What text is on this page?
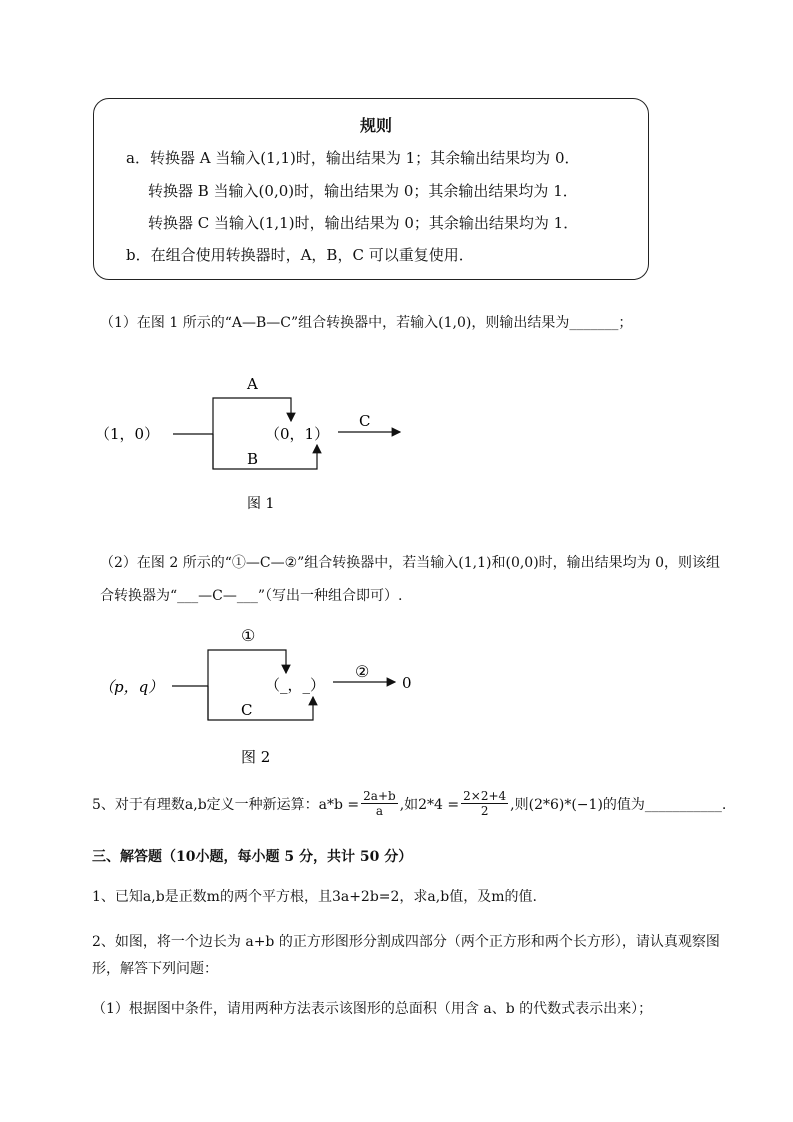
规则
a．转换器 A 当输入(1,1)时，输出结果为 1；其余输出结果均为 0．
转换器 B 当输入(0,0)时，输出结果为 0；其余输出结果均为 1．
转换器 C 当输入(1,1)时，输出结果为 0；其余输出结果均为 1．
b．在组合使用转换器时，A，B，C 可以重复使用．
（1）在图 1 所示的“A—B—C”组合转换器中，若输入(1,0)，则输出结果为_______；
（1，0）
A
B
（0，1）
C
图 1
（2）在图 2 所示的“①—C—②”组合转换器中，若当输入(1,1)和(0,0)时，输出结果均为 0，则该组
合转换器为“___—C—___”（写出一种组合即可）.
（p，q）
①
C
（_，_）
②
0
图 2
5、对于有理数a,b定义一种新运算：$a*b = \frac{2a+b}{a}$ ,如$2*4 = \frac{2\times 2+4}{2}$ ,则(2*6)*(−1)的值为___________.
三、解答题（10小题，每小题 5 分，共计 50 分）
1、已知a,b是正数m的两个平方根，且3a+2b=2，求a,b值，及m的值.
2、如图，将一个边长为 a+b 的正方形图形分割成四部分（两个正方形和两个长方形），请认真观察图
形，解答下列问题：
（1）根据图中条件，请用两种方法表示该图形的总面积（用含 a、b 的代数式表示出来）；
